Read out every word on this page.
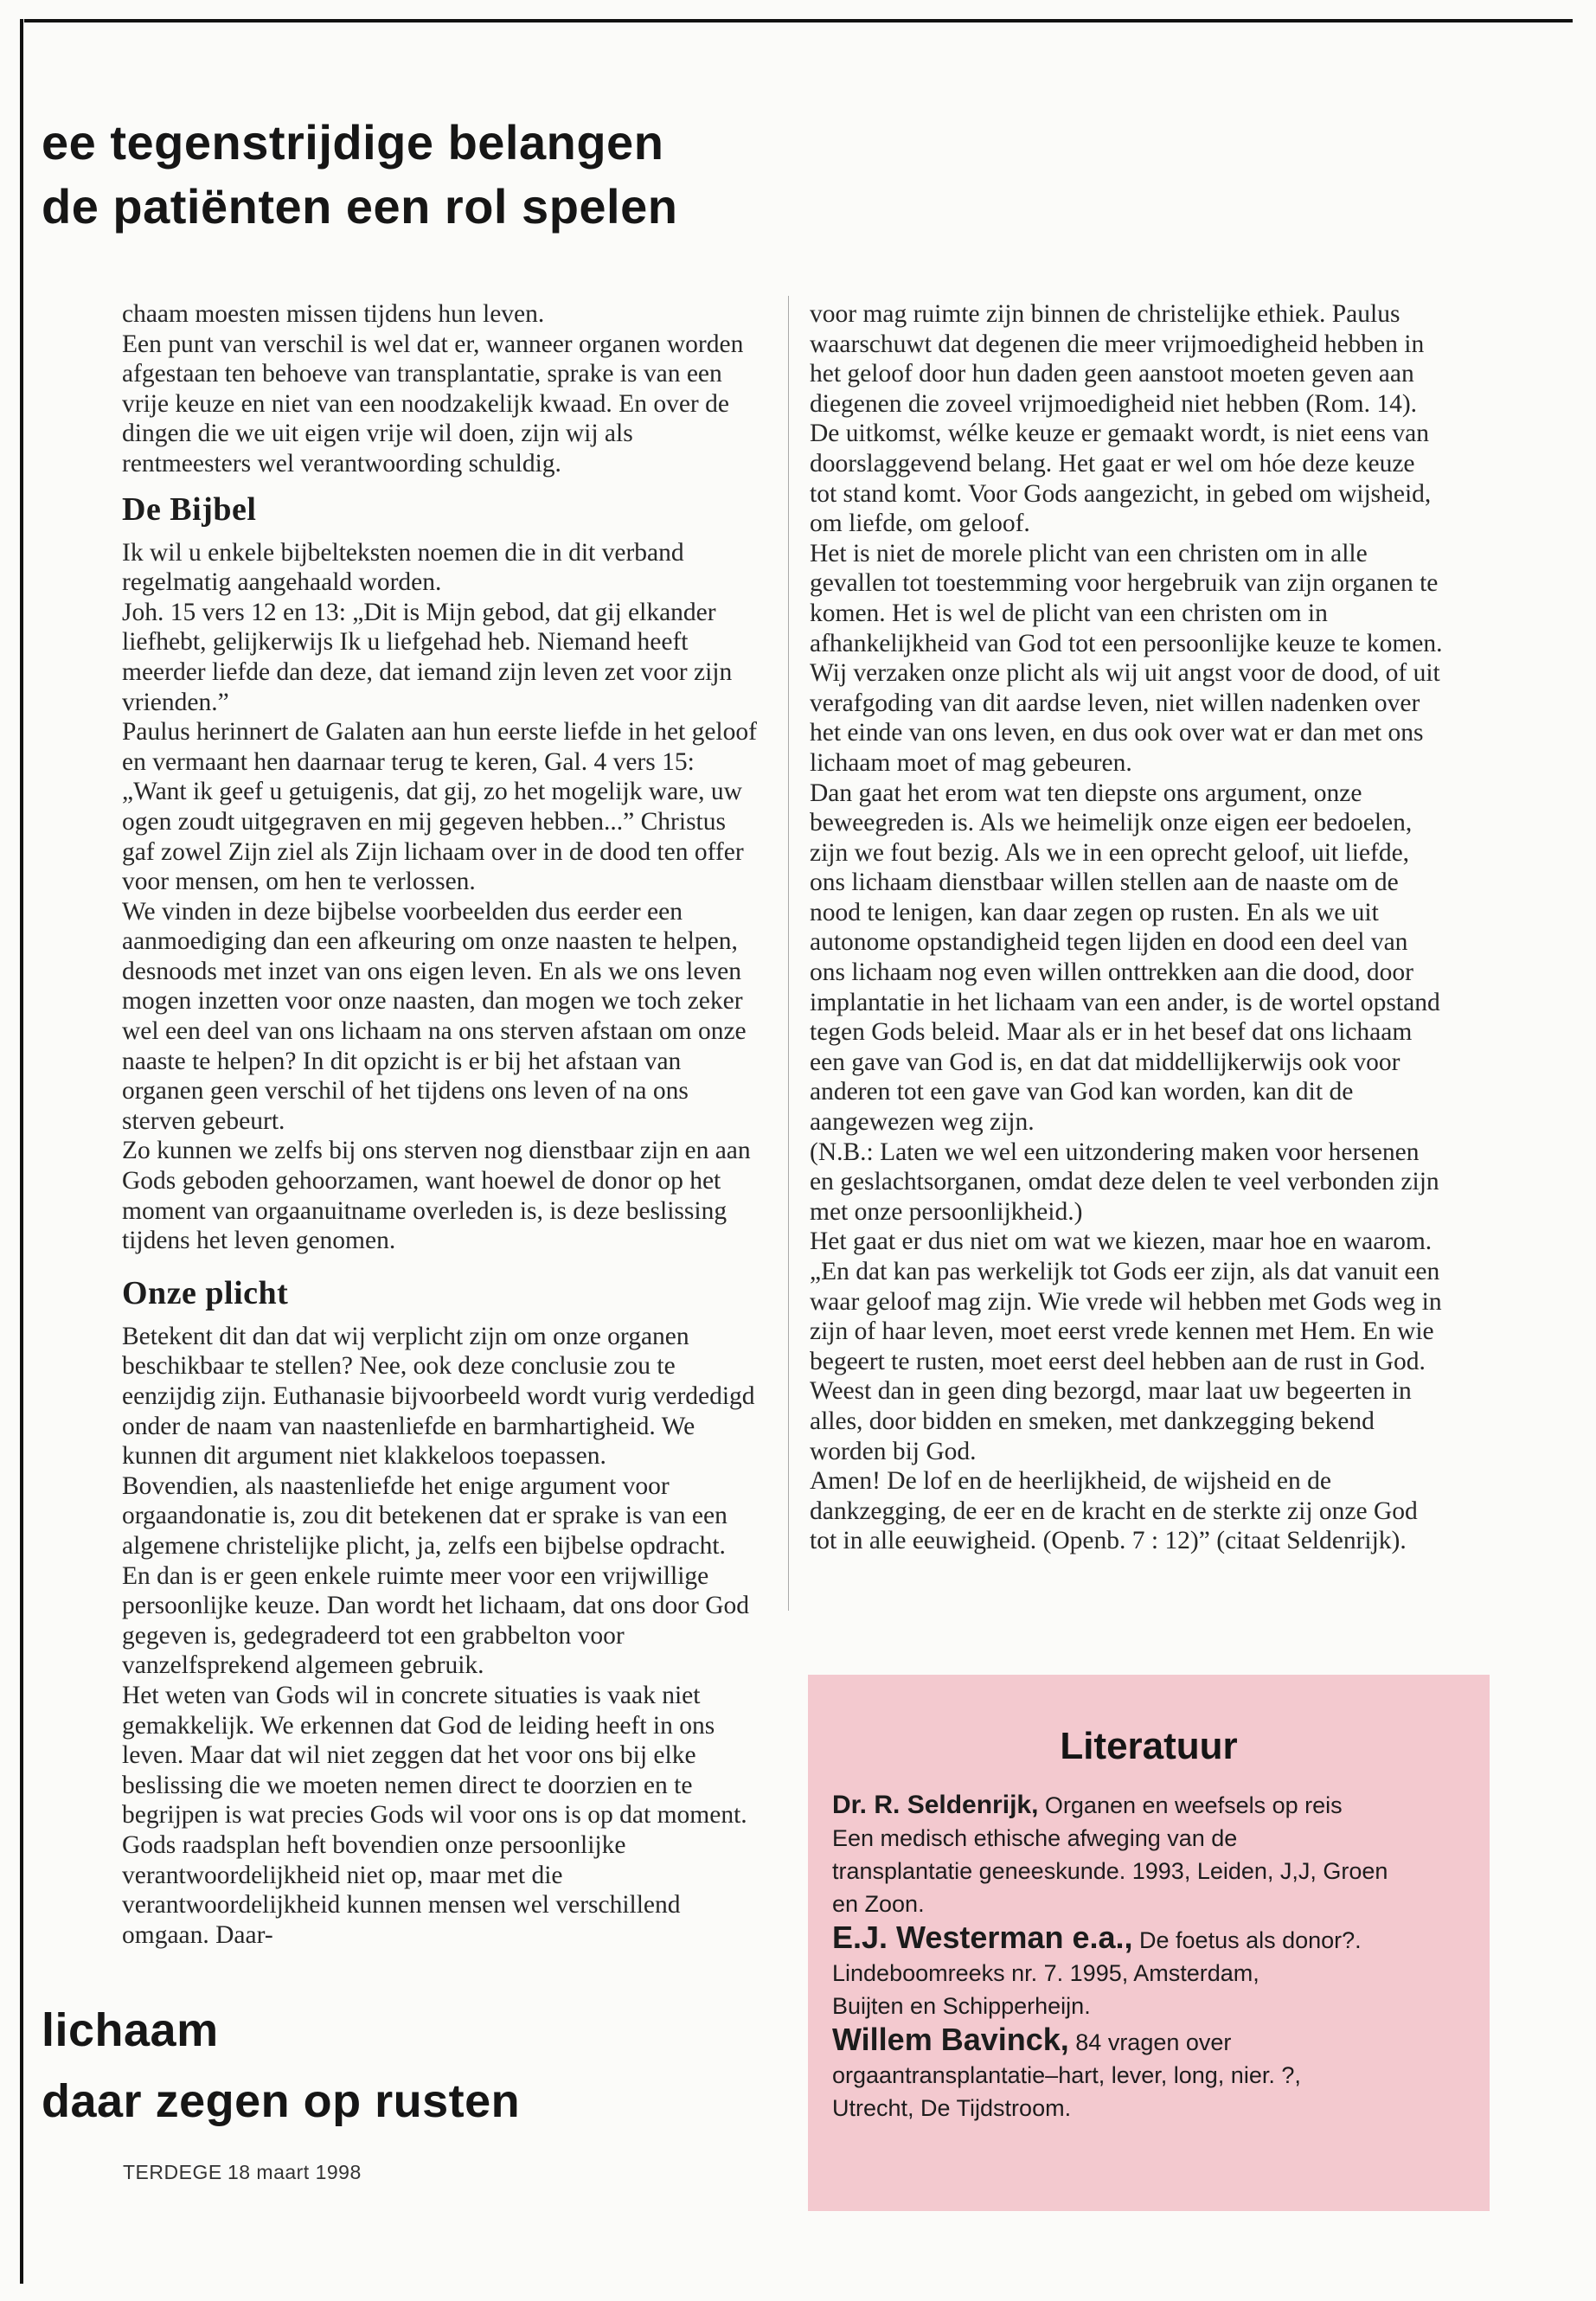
ee tegenstrijdige belangen
de patiënten een rol spelen

chaam moesten missen tijdens hun leven.
Een punt van verschil is wel dat er, wanneer organen worden afgestaan ten behoeve van transplantatie, sprake is van een vrije keuze en niet van een noodzakelijk kwaad. En over de dingen die we uit eigen vrije wil doen, zijn wij als rentmeesters wel verantwoording schuldig.

De Bijbel

Ik wil u enkele bijbelteksten noemen die in dit verband regelmatig aangehaald worden.
Joh. 15 vers 12 en 13: „Dit is Mijn gebod, dat gij elkander liefhebt, gelijkerwijs Ik u liefgehad heb. Niemand heeft meerder liefde dan deze, dat iemand zijn leven zet voor zijn vrienden.”
Paulus herinnert de Galaten aan hun eerste liefde in het geloof en vermaant hen daarnaar terug te keren, Gal. 4 vers 15: „Want ik geef u getuigenis, dat gij, zo het mogelijk ware, uw ogen zoudt uitgegraven en mij gegeven hebben...” Christus gaf zowel Zijn ziel als Zijn lichaam over in de dood ten offer voor mensen, om hen te verlossen.
We vinden in deze bijbelse voorbeelden dus eerder een aanmoediging dan een afkeuring om onze naasten te helpen, desnoods met inzet van ons eigen leven. En als we ons leven mogen inzetten voor onze naasten, dan mogen we toch zeker wel een deel van ons lichaam na ons sterven afstaan om onze naaste te helpen? In dit opzicht is er bij het afstaan van organen geen verschil of het tijdens ons leven of na ons sterven gebeurt.
Zo kunnen we zelfs bij ons sterven nog dienstbaar zijn en aan Gods geboden gehoorzamen, want hoewel de donor op het moment van orgaanuitname overleden is, is deze beslissing tijdens het leven genomen.

Onze plicht

Betekent dit dan dat wij verplicht zijn om onze organen beschikbaar te stellen? Nee, ook deze conclusie zou te eenzijdig zijn. Euthanasie bijvoorbeeld wordt vurig verdedigd onder de naam van naastenliefde en barmhartigheid. We kunnen dit argument niet klakkeloos toepassen.
Bovendien, als naastenliefde het enige argument voor orgaandonatie is, zou dit betekenen dat er sprake is van een algemene christelijke plicht, ja, zelfs een bijbelse opdracht. En dan is er geen enkele ruimte meer voor een vrijwillige persoonlijke keuze. Dan wordt het lichaam, dat ons door God gegeven is, gedegradeerd tot een grabbelton voor vanzelfsprekend algemeen gebruik.
Het weten van Gods wil in concrete situaties is vaak niet gemakkelijk. We erkennen dat God de leiding heeft in ons leven. Maar dat wil niet zeggen dat het voor ons bij elke beslissing die we moeten nemen direct te doorzien en te begrijpen is wat precies Gods wil voor ons is op dat moment. Gods raadsplan heft bovendien onze persoonlijke verantwoordelijkheid niet op, maar met die verantwoordelijkheid kunnen mensen wel verschillend omgaan. Daar-

voor mag ruimte zijn binnen de christelijke ethiek. Paulus waarschuwt dat degenen die meer vrijmoedigheid hebben in het geloof door hun daden geen aanstoot moeten geven aan diegenen die zoveel vrijmoedigheid niet hebben (Rom. 14).
De uitkomst, wélke keuze er gemaakt wordt, is niet eens van doorslaggevend belang. Het gaat er wel om hóe deze keuze tot stand komt. Voor Gods aangezicht, in gebed om wijsheid, om liefde, om geloof.
Het is niet de morele plicht van een christen om in alle gevallen tot toestemming voor hergebruik van zijn organen te komen. Het is wel de plicht van een christen om in afhankelijkheid van God tot een persoonlijke keuze te komen. Wij verzaken onze plicht als wij uit angst voor de dood, of uit verafgoding van dit aardse leven, niet willen nadenken over het einde van ons leven, en dus ook over wat er dan met ons lichaam moet of mag gebeuren.
Dan gaat het erom wat ten diepste ons argument, onze beweegreden is. Als we heimelijk onze eigen eer bedoelen, zijn we fout bezig. Als we in een oprecht geloof, uit liefde, ons lichaam dienstbaar willen stellen aan de naaste om de nood te lenigen, kan daar zegen op rusten. En als we uit autonome opstandigheid tegen lijden en dood een deel van ons lichaam nog even willen onttrekken aan die dood, door implantatie in het lichaam van een ander, is de wortel opstand tegen Gods beleid. Maar als er in het besef dat ons lichaam een gave van God is, en dat dat middellijkerwijs ook voor anderen tot een gave van God kan worden, kan dit de aangewezen weg zijn.
(N.B.: Laten we wel een uitzondering maken voor hersenen en geslachtsorganen, omdat deze delen te veel verbonden zijn met onze persoonlijkheid.)
Het gaat er dus niet om wat we kiezen, maar hoe en waarom. „En dat kan pas werkelijk tot Gods eer zijn, als dat vanuit een waar geloof mag zijn. Wie vrede wil hebben met Gods weg in zijn of haar leven, moet eerst vrede kennen met Hem. En wie begeert te rusten, moet eerst deel hebben aan de rust in God. Weest dan in geen ding bezorgd, maar laat uw begeerten in alles, door bidden en smeken, met dankzegging bekend worden bij God.
Amen! De lof en de heerlijkheid, de wijsheid en de dankzegging, de eer en de kracht en de sterkte zij onze God tot in alle eeuwigheid. (Openb. 7 : 12)” (citaat Seldenrijk).

lichaam
daar zegen op rusten
Literatuur

Dr. R. Seldenrijk, Organen en weefsels op reis
Een medisch ethische afweging van de
transplantatie geneeskunde. 1993, Leiden, J,J, Groen
en Zoon.

E.J. Westerman e.a., De foetus als donor?.
Lindeboomreeks nr. 7. 1995, Amsterdam,
Buijten en Schipperheijn.

Willem Bavinck, 84 vragen over
orgaantransplantatie–hart, lever, long, nier. ?,
Utrecht, De Tijdstroom.

TERDEGE 18 maart 1998
